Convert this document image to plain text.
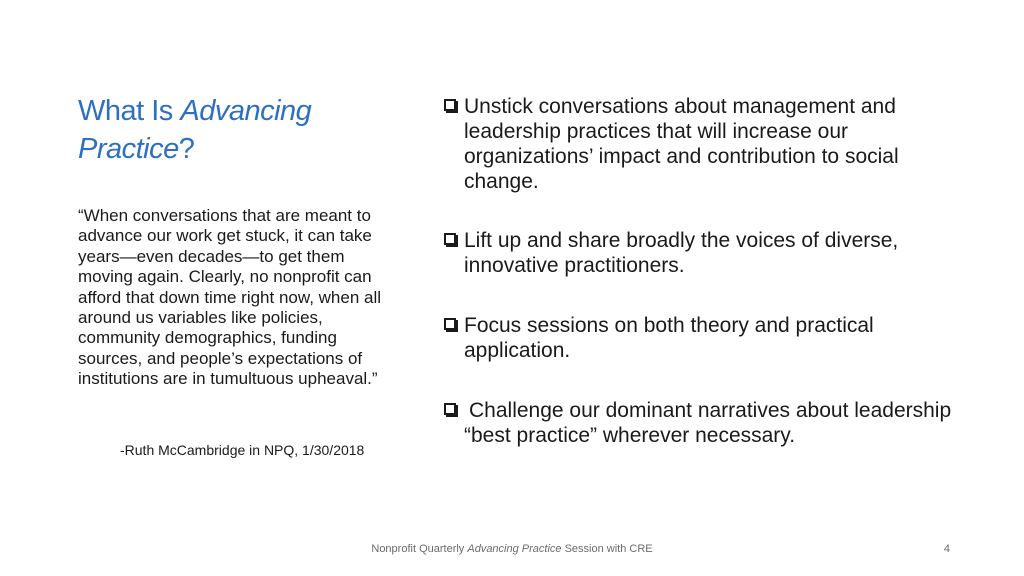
What Is Advancing
Practice?

“When conversations that are meant to advance our work get stuck, it can take years—even decades—to get them moving again. Clearly, no nonprofit can afford that down time right now, when all around us variables like policies, community demographics, funding sources, and people’s expectations of institutions are in tumultuous upheaval.”

-Ruth McCambridge in NPQ, 1/30/2018

Unstick conversations about management and leadership practices that will increase our organizations’ impact and contribution to social change.
Lift up and share broadly the voices of diverse, innovative practitioners.
Focus sessions on both theory and practical application.
Challenge our dominant narratives about leadership “best practice” wherever necessary.
Nonprofit Quarterly Advancing Practice Session with CRE	4
